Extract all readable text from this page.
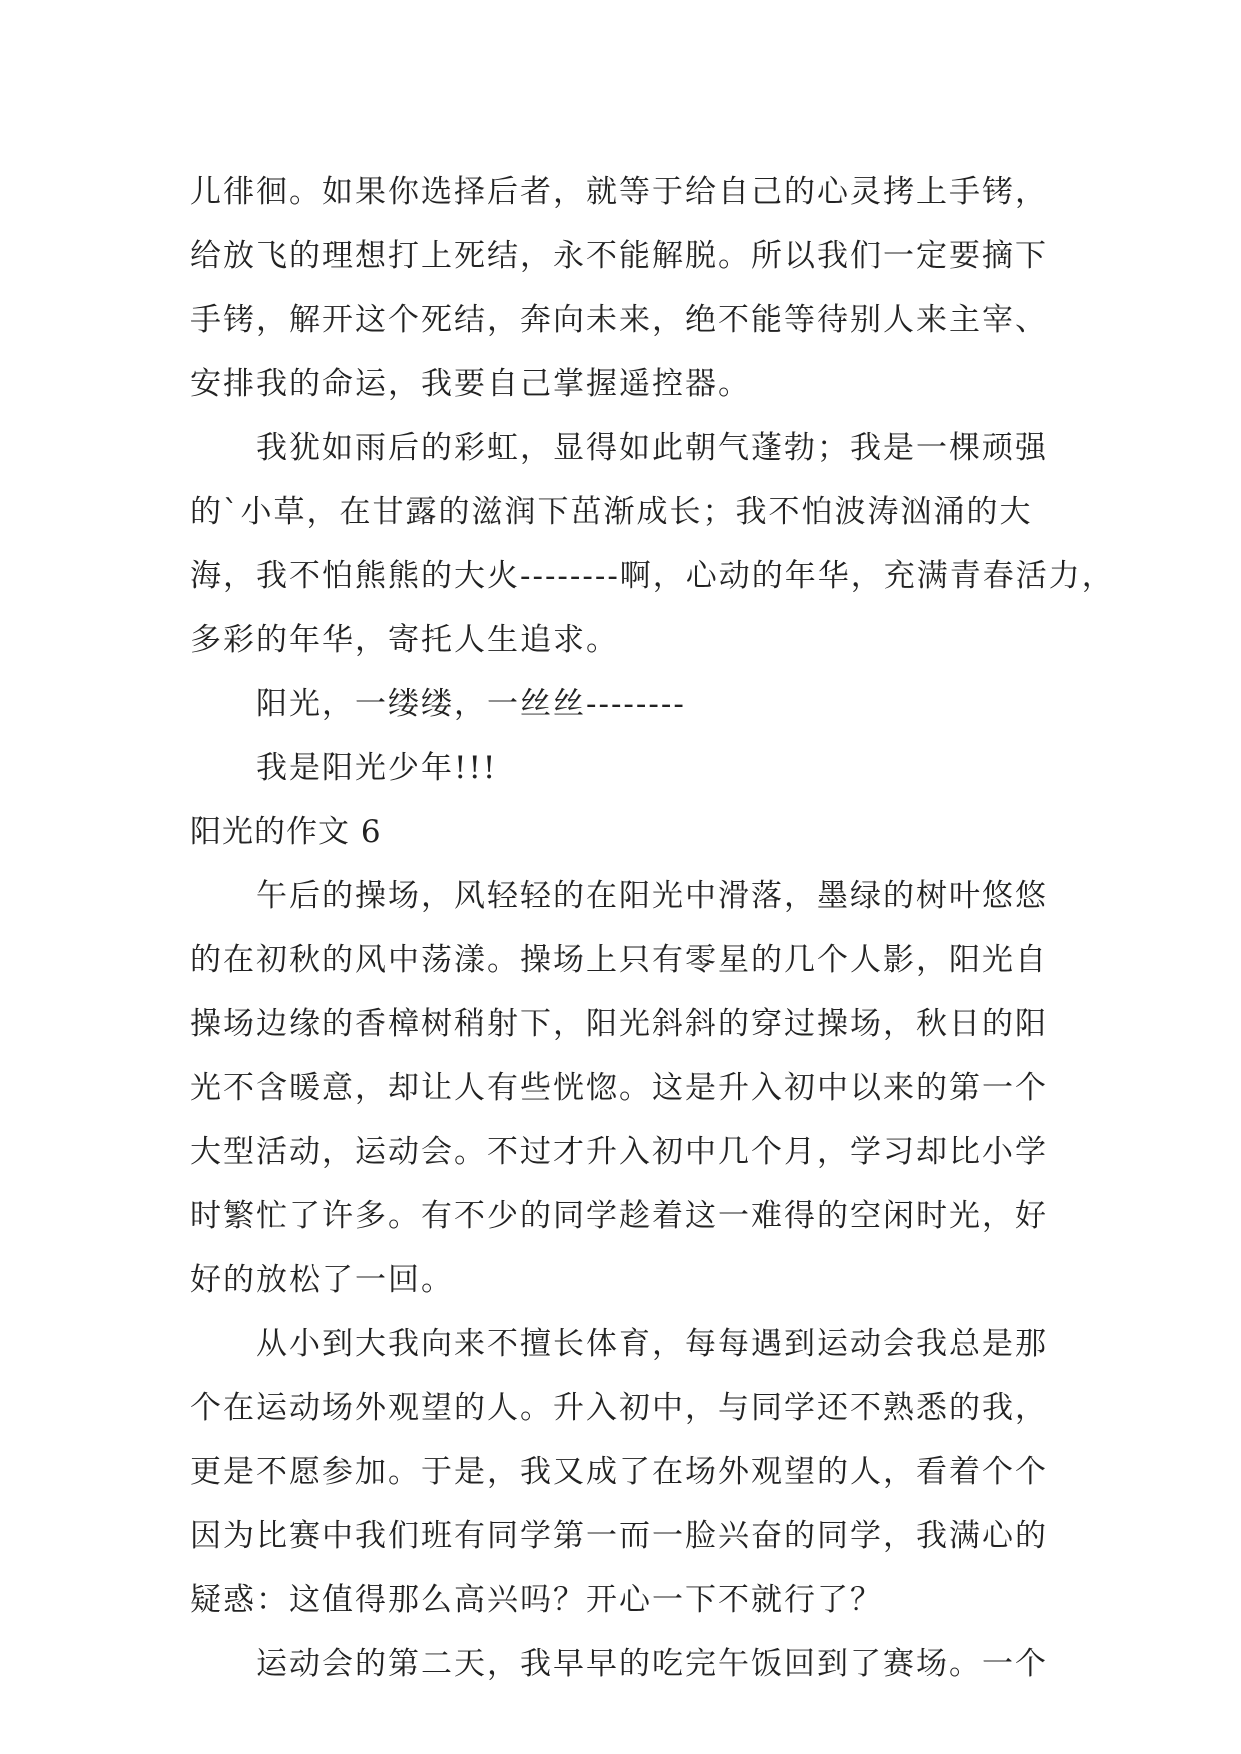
儿徘徊。如果你选择后者，就等于给自己的心灵拷上手铐，
给放飞的理想打上死结，永不能解脱。所以我们一定要摘下
手铐，解开这个死结，奔向未来，绝不能等待别人来主宰、
安排我的命运，我要自己掌握遥控器。
我犹如雨后的彩虹，显得如此朝气蓬勃；我是一棵顽强
的`小草，在甘露的滋润下茁渐成长；我不怕波涛汹涌的大
海，我不怕熊熊的大火--------啊，心动的年华，充满青春活力，
多彩的年华，寄托人生追求。
阳光，一缕缕，一丝丝--------
我是阳光少年!!!
阳光的作文 6
午后的操场，风轻轻的在阳光中滑落，墨绿的树叶悠悠
的在初秋的风中荡漾。操场上只有零星的几个人影，阳光自
操场边缘的香樟树稍射下，阳光斜斜的穿过操场，秋日的阳
光不含暖意，却让人有些恍惚。这是升入初中以来的第一个
大型活动，运动会。不过才升入初中几个月，学习却比小学
时繁忙了许多。有不少的同学趁着这一难得的空闲时光，好
好的放松了一回。
从小到大我向来不擅长体育，每每遇到运动会我总是那
个在运动场外观望的人。升入初中，与同学还不熟悉的我，
更是不愿参加。于是，我又成了在场外观望的人，看着个个
因为比赛中我们班有同学第一而一脸兴奋的同学，我满心的
疑惑：这值得那么高兴吗？开心一下不就行了？
运动会的第二天，我早早的吃完午饭回到了赛场。一个
